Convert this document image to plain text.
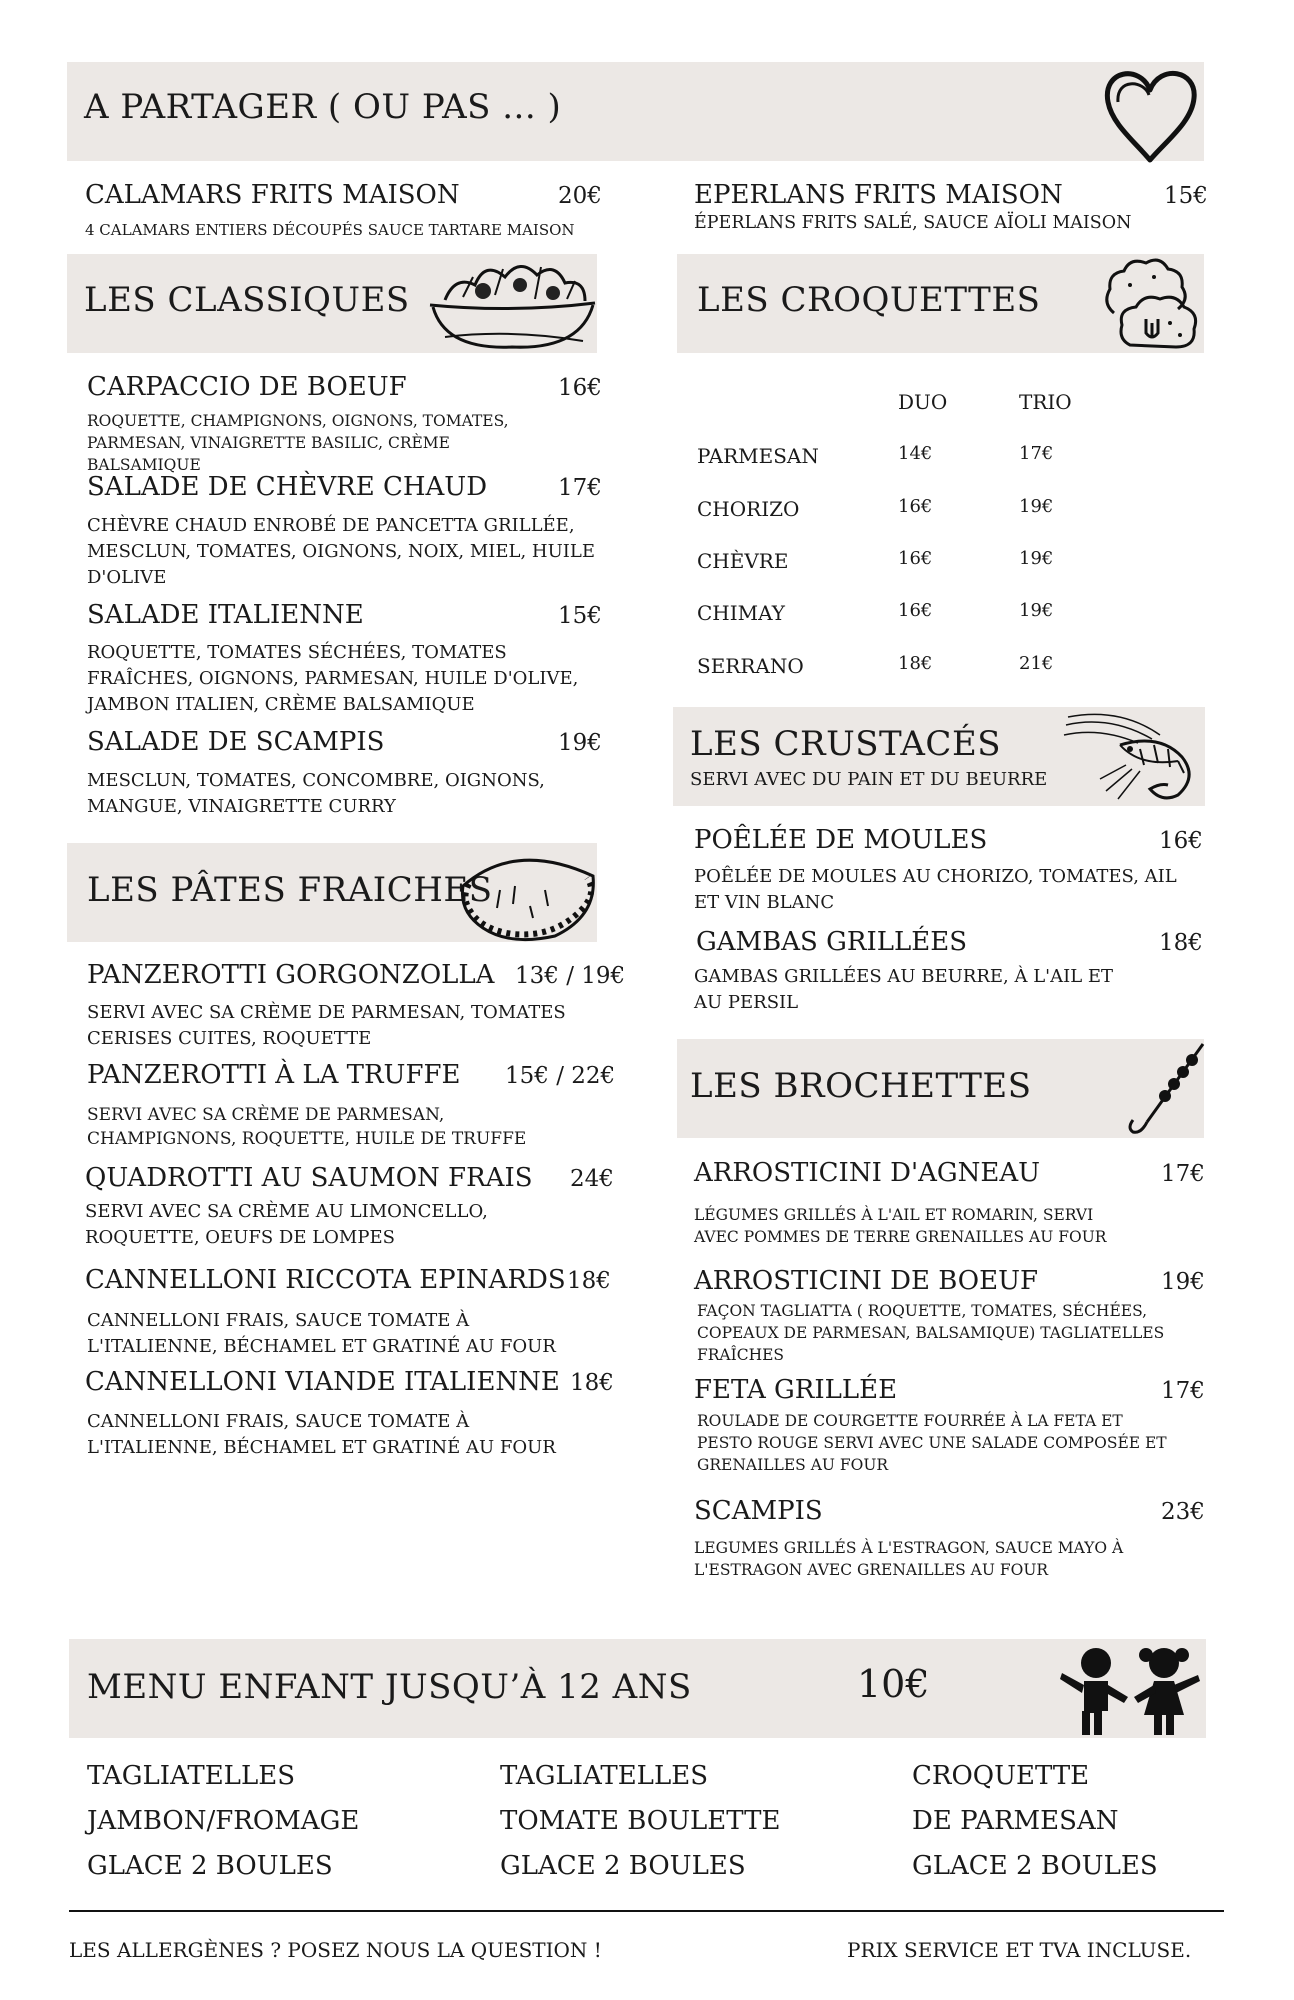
A PARTAGER ( OU PAS ... )
CALAMARS FRITS MAISON	20€
4 CALAMARS ENTIERS DÉCOUPÉS SAUCE TARTARE MAISON
EPERLANS FRITS MAISON	15€
ÉPERLANS FRITS SALÉ, SAUCE AÏOLI MAISON
LES CLASSIQUES
CARPACCIO DE BOEUF	16€
ROQUETTE, CHAMPIGNONS, OIGNONS, TOMATES, PARMESAN, VINAIGRETTE BASILIC, CRÈME BALSAMIQUE
SALADE DE CHÈVRE CHAUD	17€
CHÈVRE CHAUD ENROBÉ DE PANCETTA GRILLÉE, MESCLUN, TOMATES, OIGNONS, NOIX, MIEL, HUILE D'OLIVE
SALADE ITALIENNE	15€
ROQUETTE, TOMATES SÉCHÉES, TOMATES FRAÎCHES, OIGNONS, PARMESAN, HUILE D'OLIVE, JAMBON ITALIEN, CRÈME BALSAMIQUE
SALADE DE SCAMPIS	19€
MESCLUN, TOMATES, CONCOMBRE, OIGNONS, MANGUE, VINAIGRETTE CURRY
LES PÂTES FRAICHES
PANZEROTTI GORGONZOLLA 13€ / 19€
SERVI AVEC SA CRÈME DE PARMESAN, TOMATES CERISES CUITES, ROQUETTE
PANZEROTTI À LA TRUFFE 15€ / 22€
SERVI AVEC SA CRÈME DE PARMESAN, CHAMPIGNONS, ROQUETTE, HUILE DE TRUFFE
QUADROTTI AU SAUMON FRAIS 24€
SERVI AVEC SA CRÈME AU LIMONCELLO, ROQUETTE, OEUFS DE LOMPES
CANNELLONI RICCOTA EPINARDS 18€
CANNELLONI FRAIS, SAUCE TOMATE À L'ITALIENNE, BÉCHAMEL ET GRATINÉ AU FOUR
CANNELLONI VIANDE ITALIENNE 18€
CANNELLONI FRAIS, SAUCE TOMATE À L'ITALIENNE, BÉCHAMEL ET GRATINÉ AU FOUR
LES CROQUETTES
DUO	TRIO
PARMESAN	14€	17€
CHORIZO	16€	19€
CHÈVRE	16€	19€
CHIMAY	16€	19€
SERRANO	18€	21€
LES CRUSTACÉS
SERVI AVEC DU PAIN ET DU BEURRE
POÊLÉE DE MOULES	16€
POÊLÉE DE MOULES AU CHORIZO, TOMATES, AIL ET VIN BLANC
GAMBAS GRILLÉES	18€
GAMBAS GRILLÉES AU BEURRE, À L'AIL ET AU PERSIL
LES BROCHETTES
ARROSTICINI D'AGNEAU	17€
LÉGUMES GRILLÉS À L'AIL ET ROMARIN, SERVI AVEC POMMES DE TERRE GRENAILLES AU FOUR
ARROSTICINI DE BOEUF	19€
FAÇON TAGLIATTA ( ROQUETTE, TOMATES, SÉCHÉES, COPEAUX DE PARMESAN, BALSAMIQUE) TAGLIATELLES FRAÎCHES
FETA GRILLÉE	17€
ROULADE DE COURGETTE FOURRÉE À LA FETA ET PESTO ROUGE SERVI AVEC UNE SALADE COMPOSÉE ET GRENAILLES AU FOUR
SCAMPIS	23€
LEGUMES GRILLÉS À L'ESTRAGON, SAUCE MAYO À L'ESTRAGON AVEC GRENAILLES AU FOUR
MENU ENFANT JUSQU’À 12 ANS	10€
TAGLIATELLES
JAMBON/FROMAGE
GLACE 2 BOULES
TAGLIATELLES
TOMATE BOULETTE
GLACE 2 BOULES
CROQUETTE
DE PARMESAN
GLACE 2 BOULES
LES ALLERGÈNES ? POSEZ NOUS LA QUESTION !	PRIX SERVICE ET TVA INCLUSE.
